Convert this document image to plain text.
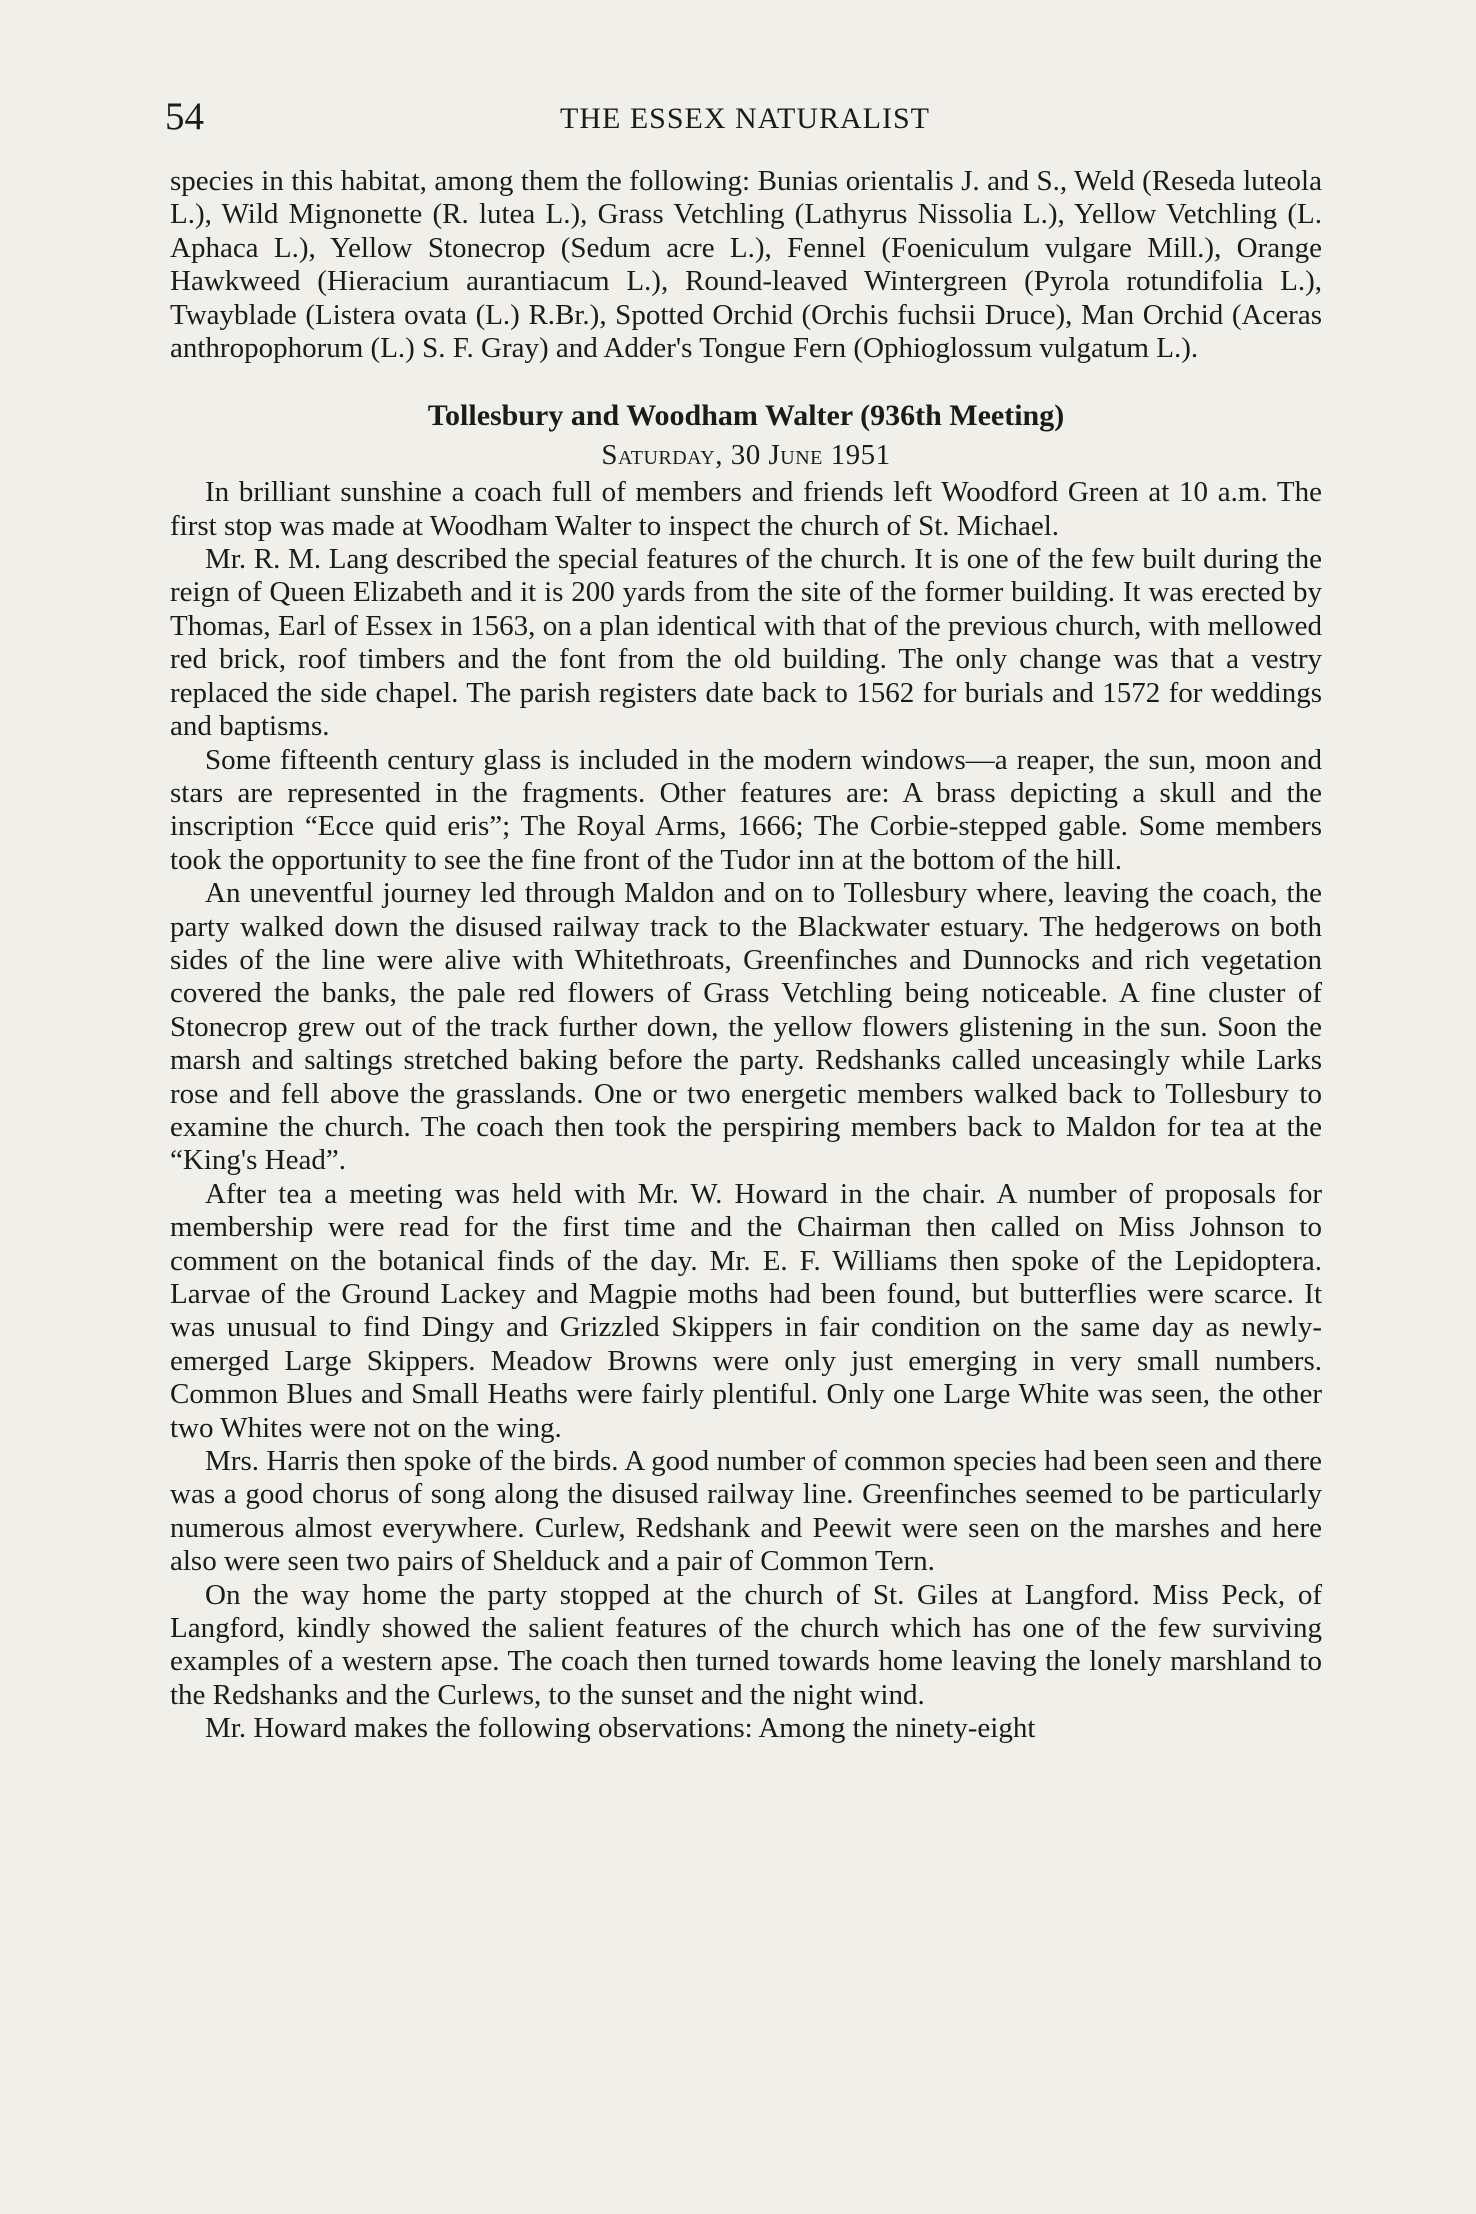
54	THE ESSEX NATURALIST

species in this habitat, among them the following: Bunias orientalis J. and S., Weld (Reseda luteola L.), Wild Mignonette (R. lutea L.), Grass Vetchling (Lathyrus Nissolia L.), Yellow Vetchling (L. Aphaca L.), Yellow Stonecrop (Sedum acre L.), Fennel (Foeniculum vulgare Mill.), Orange Hawkweed (Hieracium aurantiacum L.), Round-leaved Wintergreen (Pyrola rotundifolia L.), Twayblade (Listera ovata (L.) R.Br.), Spotted Orchid (Orchis fuchsii Druce), Man Orchid (Aceras anthropophorum (L.) S. F. Gray) and Adder's Tongue Fern (Ophioglossum vulgatum L.).

Tollesbury and Woodham Walter (936th Meeting)
Saturday, 30 June 1951

In brilliant sunshine a coach full of members and friends left Woodford Green at 10 a.m. The first stop was made at Woodham Walter to inspect the church of St. Michael.

Mr. R. M. Lang described the special features of the church. It is one of the few built during the reign of Queen Elizabeth and it is 200 yards from the site of the former building. It was erected by Thomas, Earl of Essex in 1563, on a plan identical with that of the previous church, with mellowed red brick, roof timbers and the font from the old building. The only change was that a vestry replaced the side chapel. The parish registers date back to 1562 for burials and 1572 for weddings and baptisms.

Some fifteenth century glass is included in the modern windows—a reaper, the sun, moon and stars are represented in the fragments. Other features are: A brass depicting a skull and the inscription “Ecce quid eris”; The Royal Arms, 1666; The Corbie-stepped gable. Some members took the opportunity to see the fine front of the Tudor inn at the bottom of the hill.

An uneventful journey led through Maldon and on to Tollesbury where, leaving the coach, the party walked down the disused railway track to the Blackwater estuary. The hedgerows on both sides of the line were alive with Whitethroats, Greenfinches and Dunnocks and rich vegetation covered the banks, the pale red flowers of Grass Vetchling being noticeable. A fine cluster of Stonecrop grew out of the track further down, the yellow flowers glistening in the sun. Soon the marsh and saltings stretched baking before the party. Redshanks called unceasingly while Larks rose and fell above the grasslands. One or two energetic members walked back to Tollesbury to examine the church. The coach then took the perspiring members back to Maldon for tea at the “King's Head”.

After tea a meeting was held with Mr. W. Howard in the chair. A number of proposals for membership were read for the first time and the Chairman then called on Miss Johnson to comment on the botanical finds of the day. Mr. E. F. Williams then spoke of the Lepidoptera. Larvae of the Ground Lackey and Magpie moths had been found, but butterflies were scarce. It was unusual to find Dingy and Grizzled Skippers in fair condition on the same day as newly-emerged Large Skippers. Meadow Browns were only just emerging in very small numbers. Common Blues and Small Heaths were fairly plentiful. Only one Large White was seen, the other two Whites were not on the wing.

Mrs. Harris then spoke of the birds. A good number of common species had been seen and there was a good chorus of song along the disused railway line. Greenfinches seemed to be particularly numerous almost everywhere. Curlew, Redshank and Peewit were seen on the marshes and here also were seen two pairs of Shelduck and a pair of Common Tern.

On the way home the party stopped at the church of St. Giles at Langford. Miss Peck, of Langford, kindly showed the salient features of the church which has one of the few surviving examples of a western apse. The coach then turned towards home leaving the lonely marshland to the Redshanks and the Curlews, to the sunset and the night wind.

Mr. Howard makes the following observations: Among the ninety-eight
